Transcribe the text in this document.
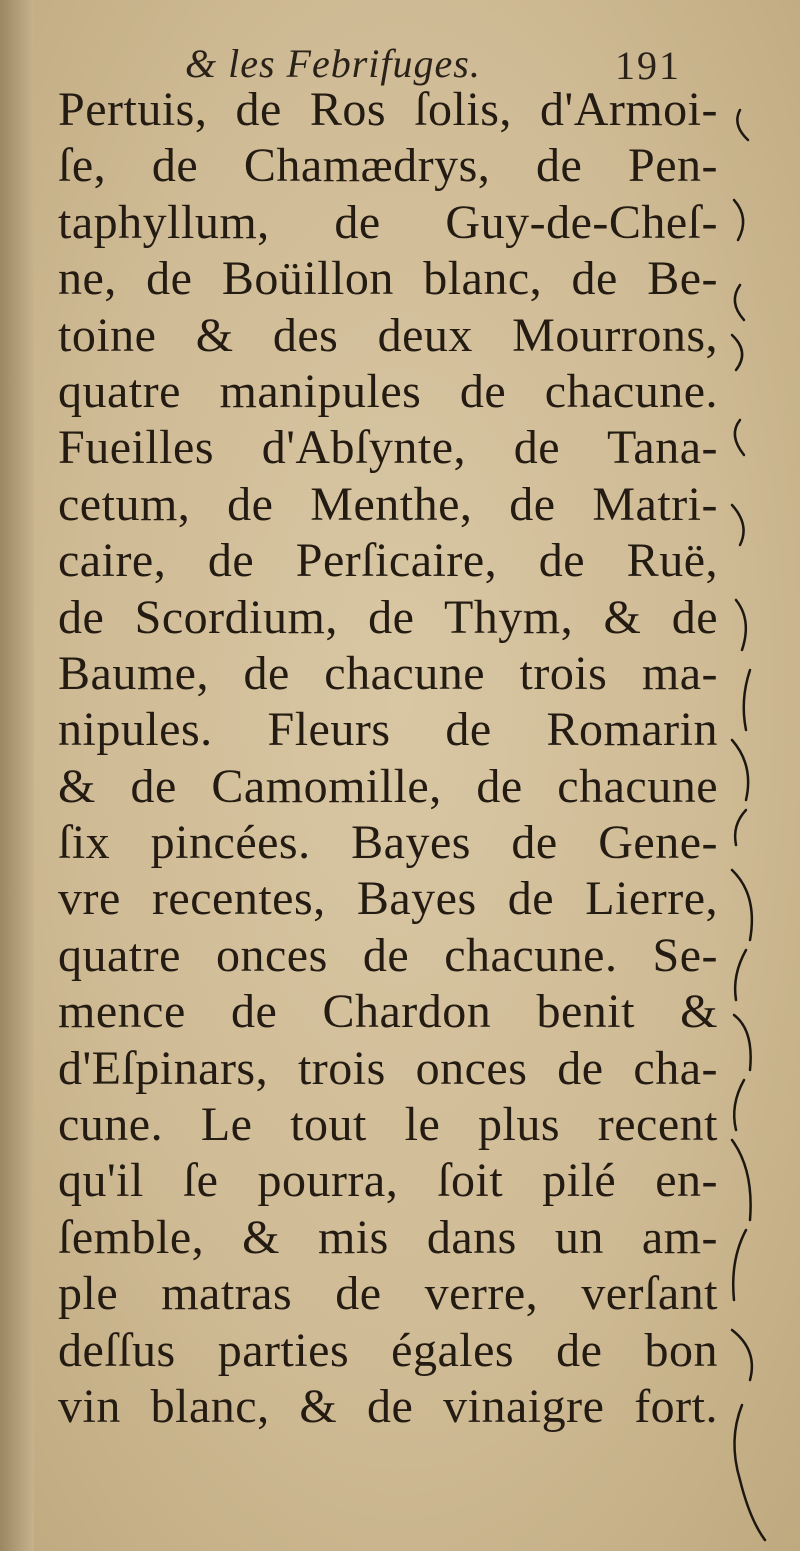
& les Febrifuges.	191
Pertuis, de Ros ſolis, d'Armoi-
ſe, de Chamædrys, de Pen-
taphyllum, de Guy-de-Cheſ-
ne, de Boüillon blanc, de Be-
toine & des deux Mourrons,
quatre manipules de chacune.
Fueilles d'Abſynte, de Tana-
cetum, de Menthe, de Matri-
caire, de Perſicaire, de Ruë,
de Scordium, de Thym, & de
Baume, de chacune trois ma-
nipules. Fleurs de Romarin
& de Camomille, de chacune
ſix pincées. Bayes de Gene-
vre recentes, Bayes de Lierre,
quatre onces de chacune. Se-
mence de Chardon benit &
d'Eſpinars, trois onces de cha-
cune. Le tout le plus recent
qu'il ſe pourra, ſoit pilé en-
ſemble, & mis dans un am-
ple matras de verre, verſant
deſſus parties égales de bon
vin blanc, & de vinaigre fort.
